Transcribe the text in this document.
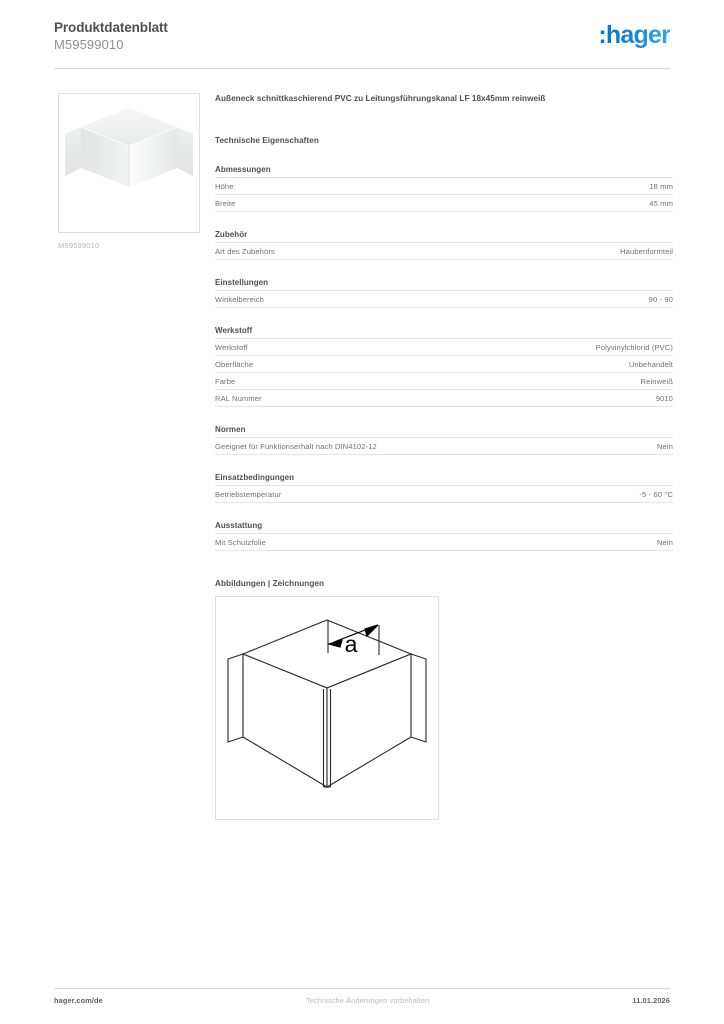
Produktdatenblatt
M59599010	:hager
M59599010
Außeneck schnittkaschierend PVC zu Leitungsführungskanal LF 18x45mm reinweiß
Technische Eigenschaften
Abmessungen
Höhe	18 mm
Breite	45 mm
Zubehör
Art des Zubehörs	Haubenformteil
Einstellungen
Winkelbereich	90 - 90
Werkstoff
Werkstoff	Polyvinylchlorid (PVC)
Oberfläche	Unbehandelt
Farbe	Reinweiß
RAL Nummer	9010
Normen
Geeignet für Funktionserhalt nach DIN4102-12	Nein
Einsatzbedingungen
Betriebstemperatur	-5 - 60 °C
Ausstattung
Mit Schutzfolie	Nein
Abbildungen | Zeichnungen
a
hager.com/de	Technische Änderungen vorbehalten	11.01.2026
